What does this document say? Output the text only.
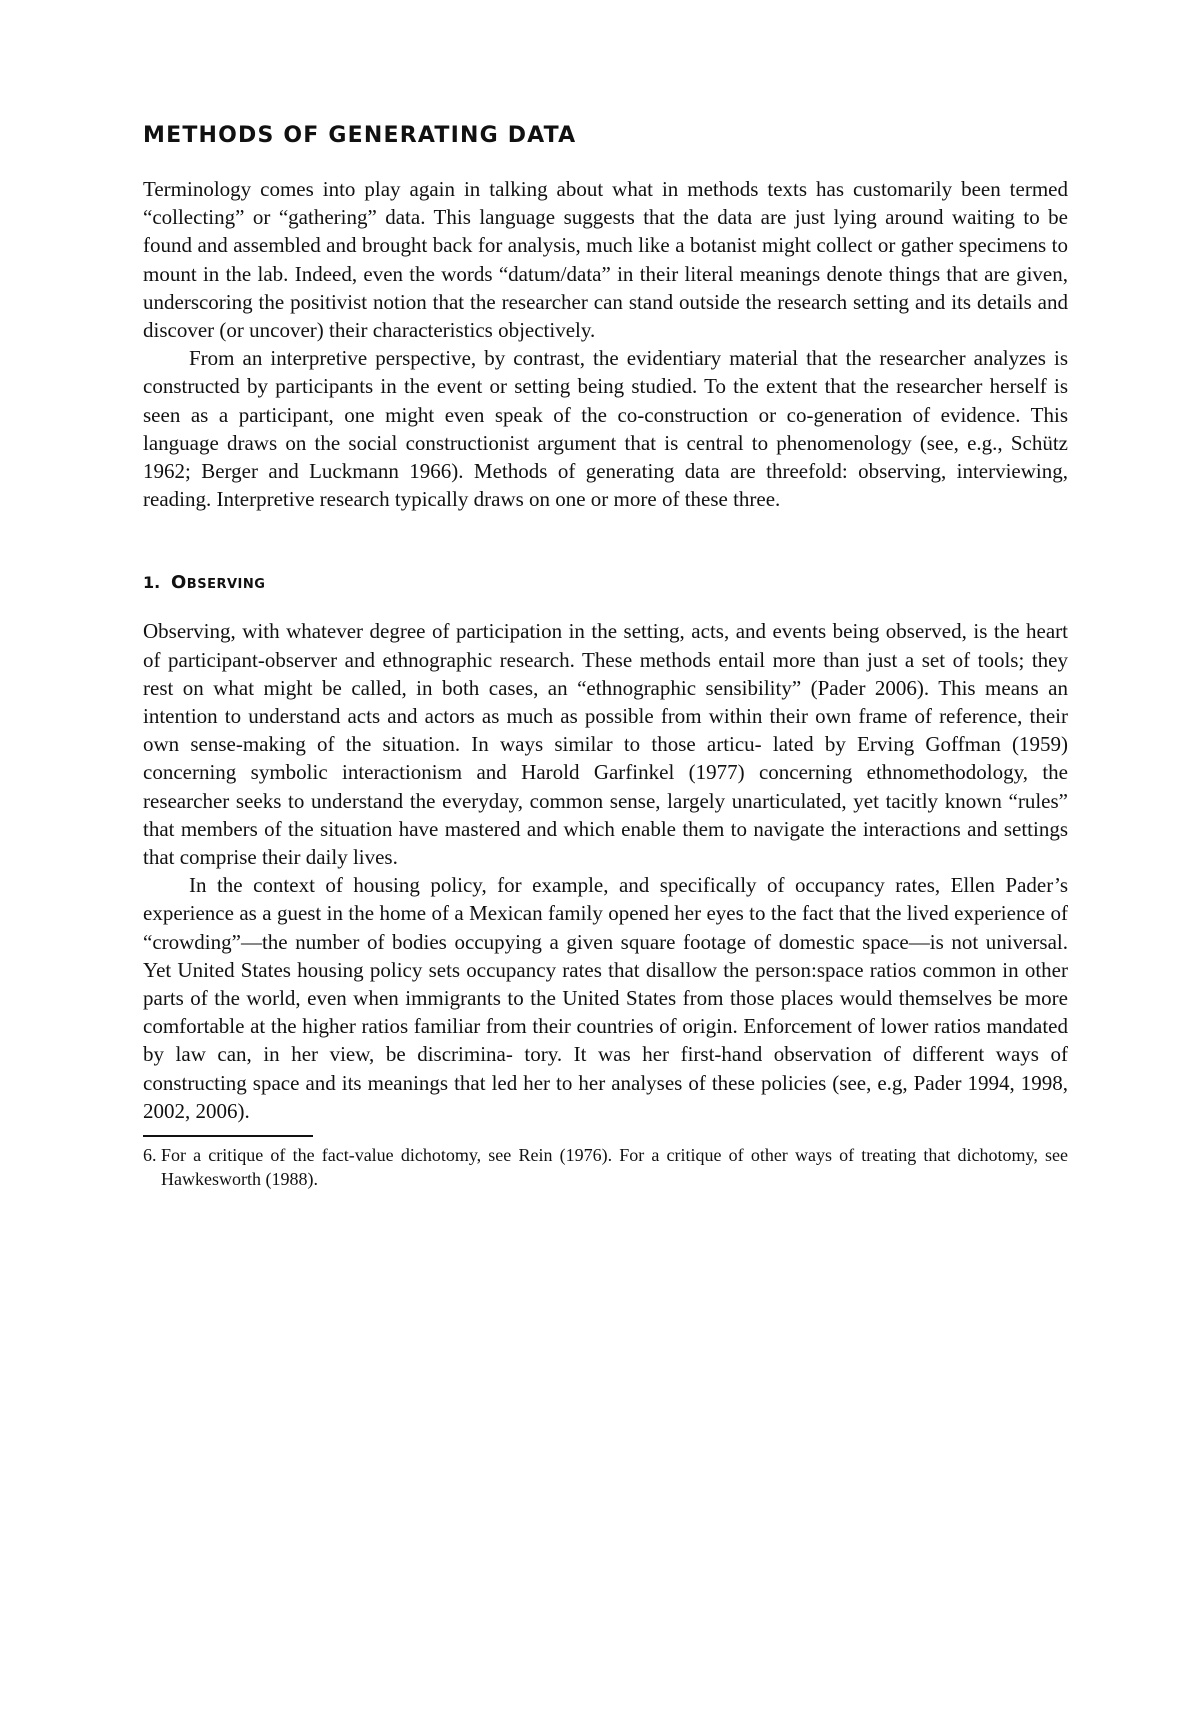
METHODS OF GENERATING DATA

Terminology comes into play again in talking about what in methods texts has customarily been termed “collecting” or “gathering” data. This language suggests that the data are just lying around waiting to be found and assembled and brought back for analysis, much like a botanist might collect or gather specimens to mount in the lab. Indeed, even the words “datum/data” in their literal meanings denote things that are given, underscoring the positivist notion that the researcher can stand outside the research setting and its details and discover (or uncover) their characteristics objectively.

From an interpretive perspective, by contrast, the evidentiary material that the researcher analyzes is constructed by participants in the event or setting being studied. To the extent that the researcher herself is seen as a participant, one might even speak of the co-construction or co-generation of evidence. This language draws on the social constructionist argument that is central to phenomenology (see, e.g., Schütz 1962; Berger and Luckmann 1966). Methods of generating data are threefold: observing, interviewing, reading. Interpretive research typically draws on one or more of these three.

1. Observing

Observing, with whatever degree of participation in the setting, acts, and events being observed, is the heart of participant-observer and ethnographic research. These methods entail more than just a set of tools; they rest on what might be called, in both cases, an “ethnographic sensibility” (Pader 2006). This means an intention to understand acts and actors as much as possible from within their own frame of reference, their own sense-making of the situation. In ways similar to those articu- lated by Erving Goffman (1959) concerning symbolic interactionism and Harold Garfinkel (1977) concerning ethnomethodology, the researcher seeks to understand the everyday, common sense, largely unarticulated, yet tacitly known “rules” that members of the situation have mastered and which enable them to navigate the interactions and settings that comprise their daily lives.

In the context of housing policy, for example, and specifically of occupancy rates, Ellen Pader’s experience as a guest in the home of a Mexican family opened her eyes to the fact that the lived experience of “crowding”—the number of bodies occupying a given square footage of domestic space—is not universal. Yet United States housing policy sets occupancy rates that disallow the person:space ratios common in other parts of the world, even when immigrants to the United States from those places would themselves be more comfortable at the higher ratios familiar from their countries of origin. Enforcement of lower ratios mandated by law can, in her view, be discrimina- tory. It was her first-hand observation of different ways of constructing space and its meanings that led her to her analyses of these policies (see, e.g, Pader 1994, 1998, 2002, 2006).

6. For a critique of the fact-value dichotomy, see Rein (1976). For a critique of other ways of treating that dichotomy, see Hawkesworth (1988).
